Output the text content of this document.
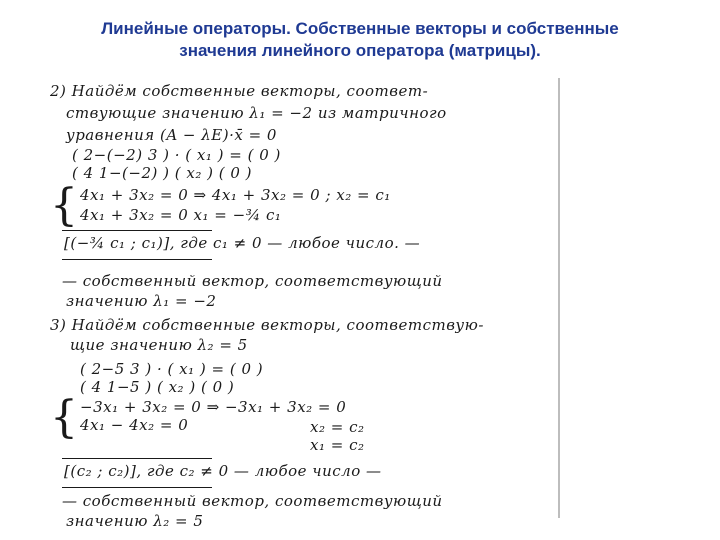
Линейные операторы. Собственные векторы и собственные
значения линейного оператора (матрицы).
2) Найдём собственные векторы, соответ-
ствующие значению λ₁ = −2 из матричного
уравнения (A − λE)·x̄ = 0
( 2−(−2) 3 ) · ( x₁ ) = ( 0 )
( 4 1−(−2) ) ( x₂ ) ( 0 )
{ 4x₁ + 3x₂ = 0 ⇒ 4x₁ + 3x₂ = 0 ; x₂ = c₁
4x₁ + 3x₂ = 0 x₁ = −¾ c₁
[(−¾ c₁ ; c₁)], где c₁ ≠ 0 — любое число. —
— собственный вектор, соответствующий
значению λ₁ = −2
3) Найдём собственные векторы, соответствую-
щие значению λ₂ = 5
( 2−5 3 ) · ( x₁ ) = ( 0 )
( 4 1−5 ) ( x₂ ) ( 0 )
{ −3x₁ + 3x₂ = 0 ⇒ −3x₁ + 3x₂ = 0
4x₁ − 4x₂ = 0	x₂ = c₂
x₁ = c₂
[(c₂ ; c₂)], где c₂ ≠ 0 — любое число —
— собственный вектор, соответствующий
значению λ₂ = 5
